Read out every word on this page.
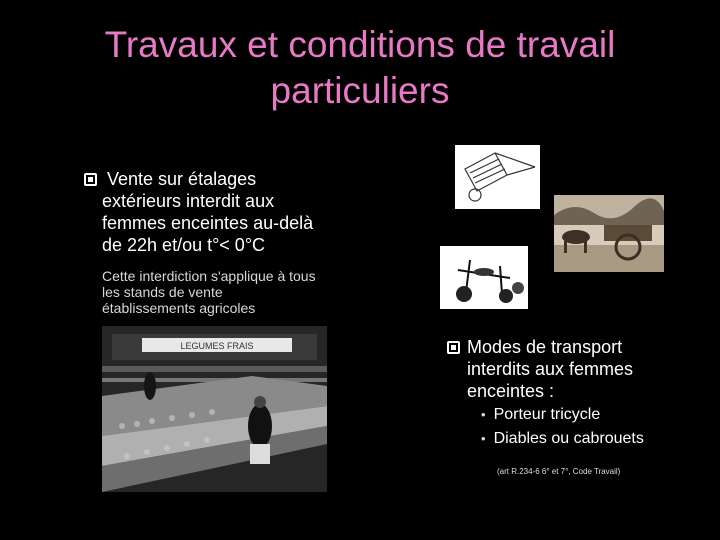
Travaux et conditions de travail
particuliers
Vente sur étalages
extérieurs interdit aux
femmes enceintes au-delà
de 22h et/ou t°< 0°C
Cette interdiction s'applique à tous
les stands de vente
établissements agricoles
LEGUMES FRAIS	Modes de transport
interdits aux femmes
enceintes :
• Porteur tricycle
• Diables ou cabrouets
(art R.234-6 6° et 7°, Code Travail)
